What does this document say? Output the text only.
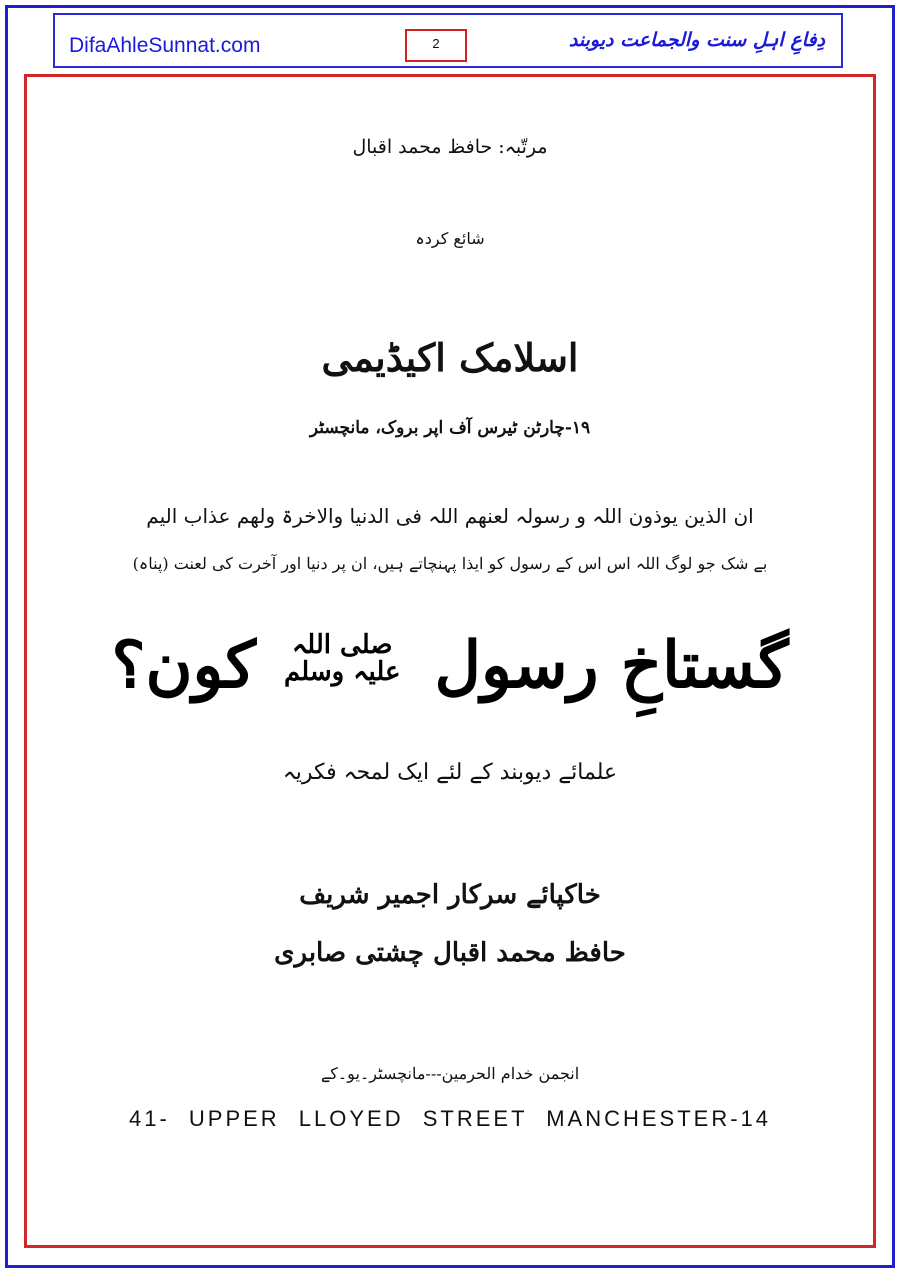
DifaAhleSunnat.com	2	دِفاعِ اہلِ سنت والجماعت دیوبند
مرتّبہ: حافظ محمد اقبال
شائع کردہ
اسلامک اکیڈیمی
۱۹-چارٹن ٹیرس آف اپر بروک، مانچسٹر
ان الذین یوذون اللہ و رسولہ لعنھم اللہ فی الدنیا والاخرۃ ولھم عذاب الیم
بے شک جو لوگ اللہ اس اس کے رسول کو ایذا پہنچاتے ہیں، ان پر دنیا اور آخرت کی لعنت (پناہ)
گستاخِ رسول
صلی اللہ
علیہ وسلم
کون؟
علمائے دیوبند کے لئے ایک لمحہ فکریہ
خاکپائے سرکار اجمیر شریف
حافظ محمد اقبال چشتی صابری
انجمن خدام الحرمین---مانچسٹر۔یو۔کے
41- UPPER LLOYED STREET MANCHESTER-14
